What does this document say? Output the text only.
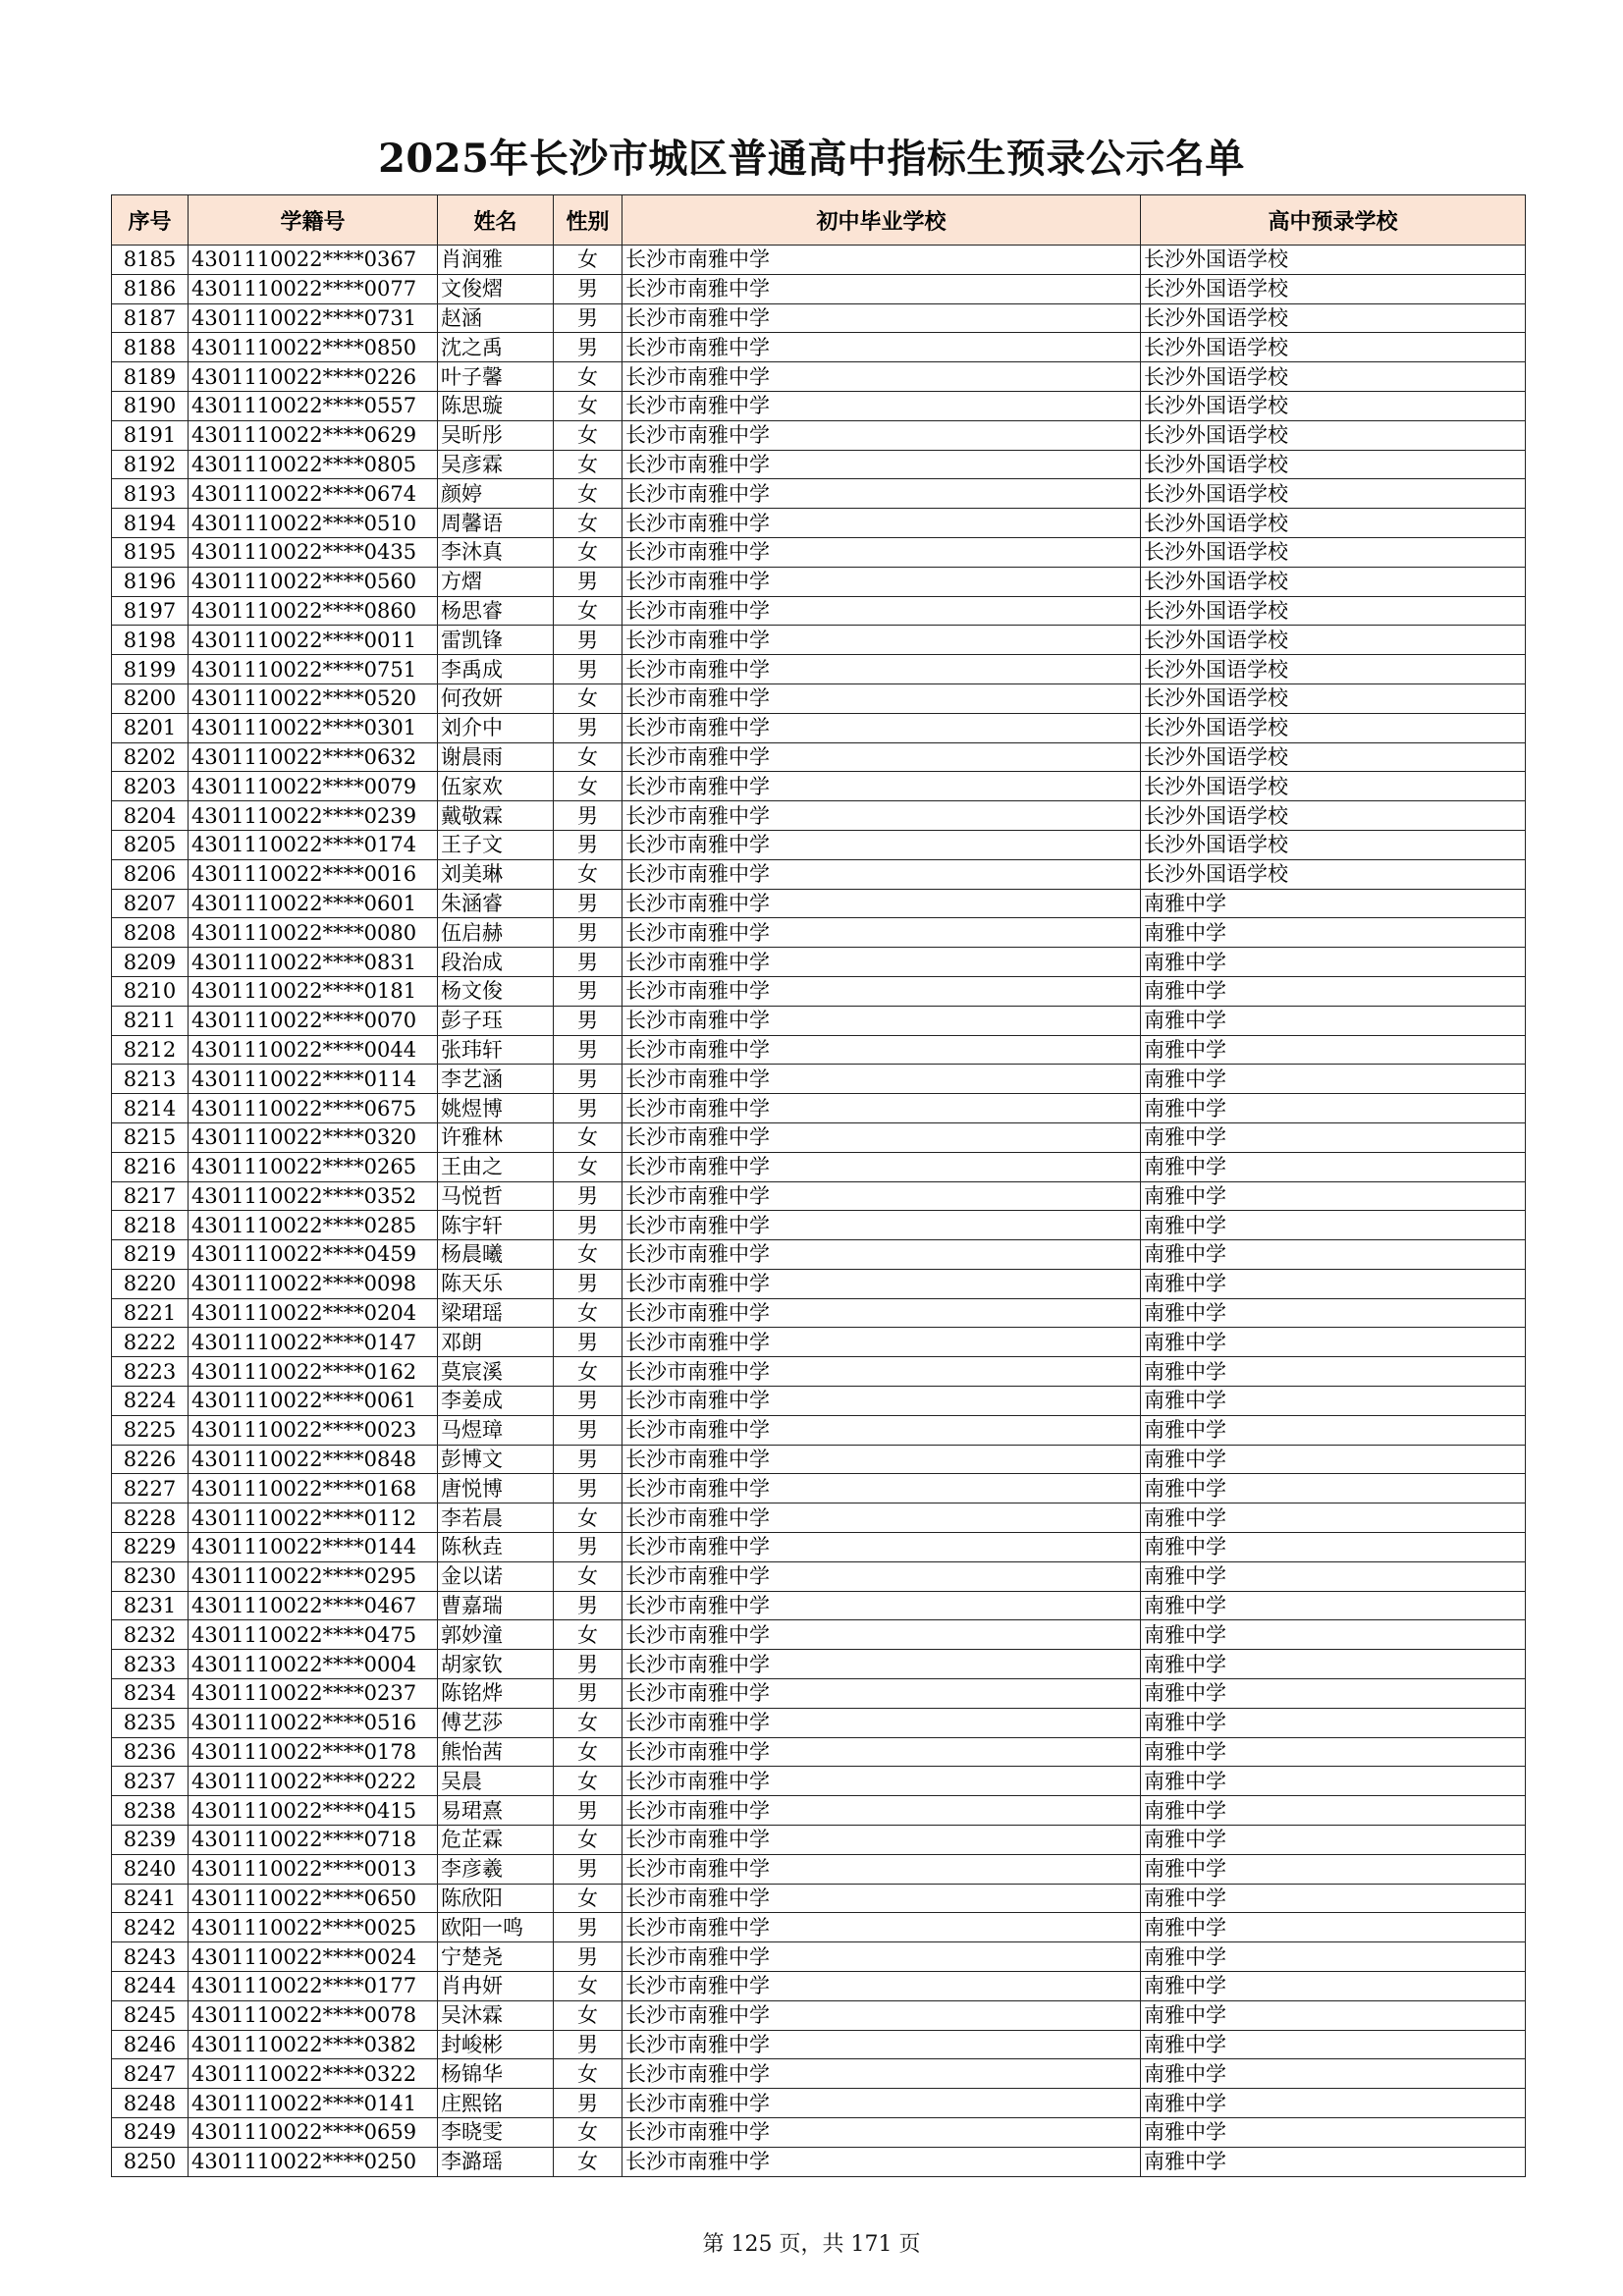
2025年长沙市城区普通高中指标生预录公示名单
序号	学籍号	姓名	性别	初中毕业学校	高中预录学校
8185	4301110022****0367	肖润雅	女	长沙市南雅中学	长沙外国语学校
8186	4301110022****0077	文俊熠	男	长沙市南雅中学	长沙外国语学校
8187	4301110022****0731	赵涵	男	长沙市南雅中学	长沙外国语学校
8188	4301110022****0850	沈之禹	男	长沙市南雅中学	长沙外国语学校
8189	4301110022****0226	叶子馨	女	长沙市南雅中学	长沙外国语学校
8190	4301110022****0557	陈思璇	女	长沙市南雅中学	长沙外国语学校
8191	4301110022****0629	吴昕彤	女	长沙市南雅中学	长沙外国语学校
8192	4301110022****0805	吴彦霖	女	长沙市南雅中学	长沙外国语学校
8193	4301110022****0674	颜婷	女	长沙市南雅中学	长沙外国语学校
8194	4301110022****0510	周馨语	女	长沙市南雅中学	长沙外国语学校
8195	4301110022****0435	李沐真	女	长沙市南雅中学	长沙外国语学校
8196	4301110022****0560	方熠	男	长沙市南雅中学	长沙外国语学校
8197	4301110022****0860	杨思睿	女	长沙市南雅中学	长沙外国语学校
8198	4301110022****0011	雷凯锋	男	长沙市南雅中学	长沙外国语学校
8199	4301110022****0751	李禹成	男	长沙市南雅中学	长沙外国语学校
8200	4301110022****0520	何孜妍	女	长沙市南雅中学	长沙外国语学校
8201	4301110022****0301	刘介中	男	长沙市南雅中学	长沙外国语学校
8202	4301110022****0632	谢晨雨	女	长沙市南雅中学	长沙外国语学校
8203	4301110022****0079	伍家欢	女	长沙市南雅中学	长沙外国语学校
8204	4301110022****0239	戴敬霖	男	长沙市南雅中学	长沙外国语学校
8205	4301110022****0174	王子文	男	长沙市南雅中学	长沙外国语学校
8206	4301110022****0016	刘美琳	女	长沙市南雅中学	长沙外国语学校
8207	4301110022****0601	朱涵睿	男	长沙市南雅中学	南雅中学
8208	4301110022****0080	伍启赫	男	长沙市南雅中学	南雅中学
8209	4301110022****0831	段治成	男	长沙市南雅中学	南雅中学
8210	4301110022****0181	杨文俊	男	长沙市南雅中学	南雅中学
8211	4301110022****0070	彭子珏	男	长沙市南雅中学	南雅中学
8212	4301110022****0044	张玮轩	男	长沙市南雅中学	南雅中学
8213	4301110022****0114	李艺涵	男	长沙市南雅中学	南雅中学
8214	4301110022****0675	姚煜博	男	长沙市南雅中学	南雅中学
8215	4301110022****0320	许雅林	女	长沙市南雅中学	南雅中学
8216	4301110022****0265	王由之	女	长沙市南雅中学	南雅中学
8217	4301110022****0352	马悦哲	男	长沙市南雅中学	南雅中学
8218	4301110022****0285	陈宇轩	男	长沙市南雅中学	南雅中学
8219	4301110022****0459	杨晨曦	女	长沙市南雅中学	南雅中学
8220	4301110022****0098	陈天乐	男	长沙市南雅中学	南雅中学
8221	4301110022****0204	梁珺瑶	女	长沙市南雅中学	南雅中学
8222	4301110022****0147	邓朗	男	长沙市南雅中学	南雅中学
8223	4301110022****0162	莫宸溪	女	长沙市南雅中学	南雅中学
8224	4301110022****0061	李姜成	男	长沙市南雅中学	南雅中学
8225	4301110022****0023	马煜璋	男	长沙市南雅中学	南雅中学
8226	4301110022****0848	彭博文	男	长沙市南雅中学	南雅中学
8227	4301110022****0168	唐悦博	男	长沙市南雅中学	南雅中学
8228	4301110022****0112	李若晨	女	长沙市南雅中学	南雅中学
8229	4301110022****0144	陈秋垚	男	长沙市南雅中学	南雅中学
8230	4301110022****0295	金以诺	女	长沙市南雅中学	南雅中学
8231	4301110022****0467	曹嘉瑞	男	长沙市南雅中学	南雅中学
8232	4301110022****0475	郭妙潼	女	长沙市南雅中学	南雅中学
8233	4301110022****0004	胡家钦	男	长沙市南雅中学	南雅中学
8234	4301110022****0237	陈铭烨	男	长沙市南雅中学	南雅中学
8235	4301110022****0516	傅艺莎	女	长沙市南雅中学	南雅中学
8236	4301110022****0178	熊怡茜	女	长沙市南雅中学	南雅中学
8237	4301110022****0222	吴晨	女	长沙市南雅中学	南雅中学
8238	4301110022****0415	易珺熹	男	长沙市南雅中学	南雅中学
8239	4301110022****0718	危芷霖	女	长沙市南雅中学	南雅中学
8240	4301110022****0013	李彦羲	男	长沙市南雅中学	南雅中学
8241	4301110022****0650	陈欣阳	女	长沙市南雅中学	南雅中学
8242	4301110022****0025	欧阳一鸣	男	长沙市南雅中学	南雅中学
8243	4301110022****0024	宁楚尧	男	长沙市南雅中学	南雅中学
8244	4301110022****0177	肖冉妍	女	长沙市南雅中学	南雅中学
8245	4301110022****0078	吴沐霖	女	长沙市南雅中学	南雅中学
8246	4301110022****0382	封峻彬	男	长沙市南雅中学	南雅中学
8247	4301110022****0322	杨锦华	女	长沙市南雅中学	南雅中学
8248	4301110022****0141	庄熙铭	男	长沙市南雅中学	南雅中学
8249	4301110022****0659	李晓雯	女	长沙市南雅中学	南雅中学
8250	4301110022****0250	李潞瑶	女	长沙市南雅中学	南雅中学
第 125 页，共 171 页
